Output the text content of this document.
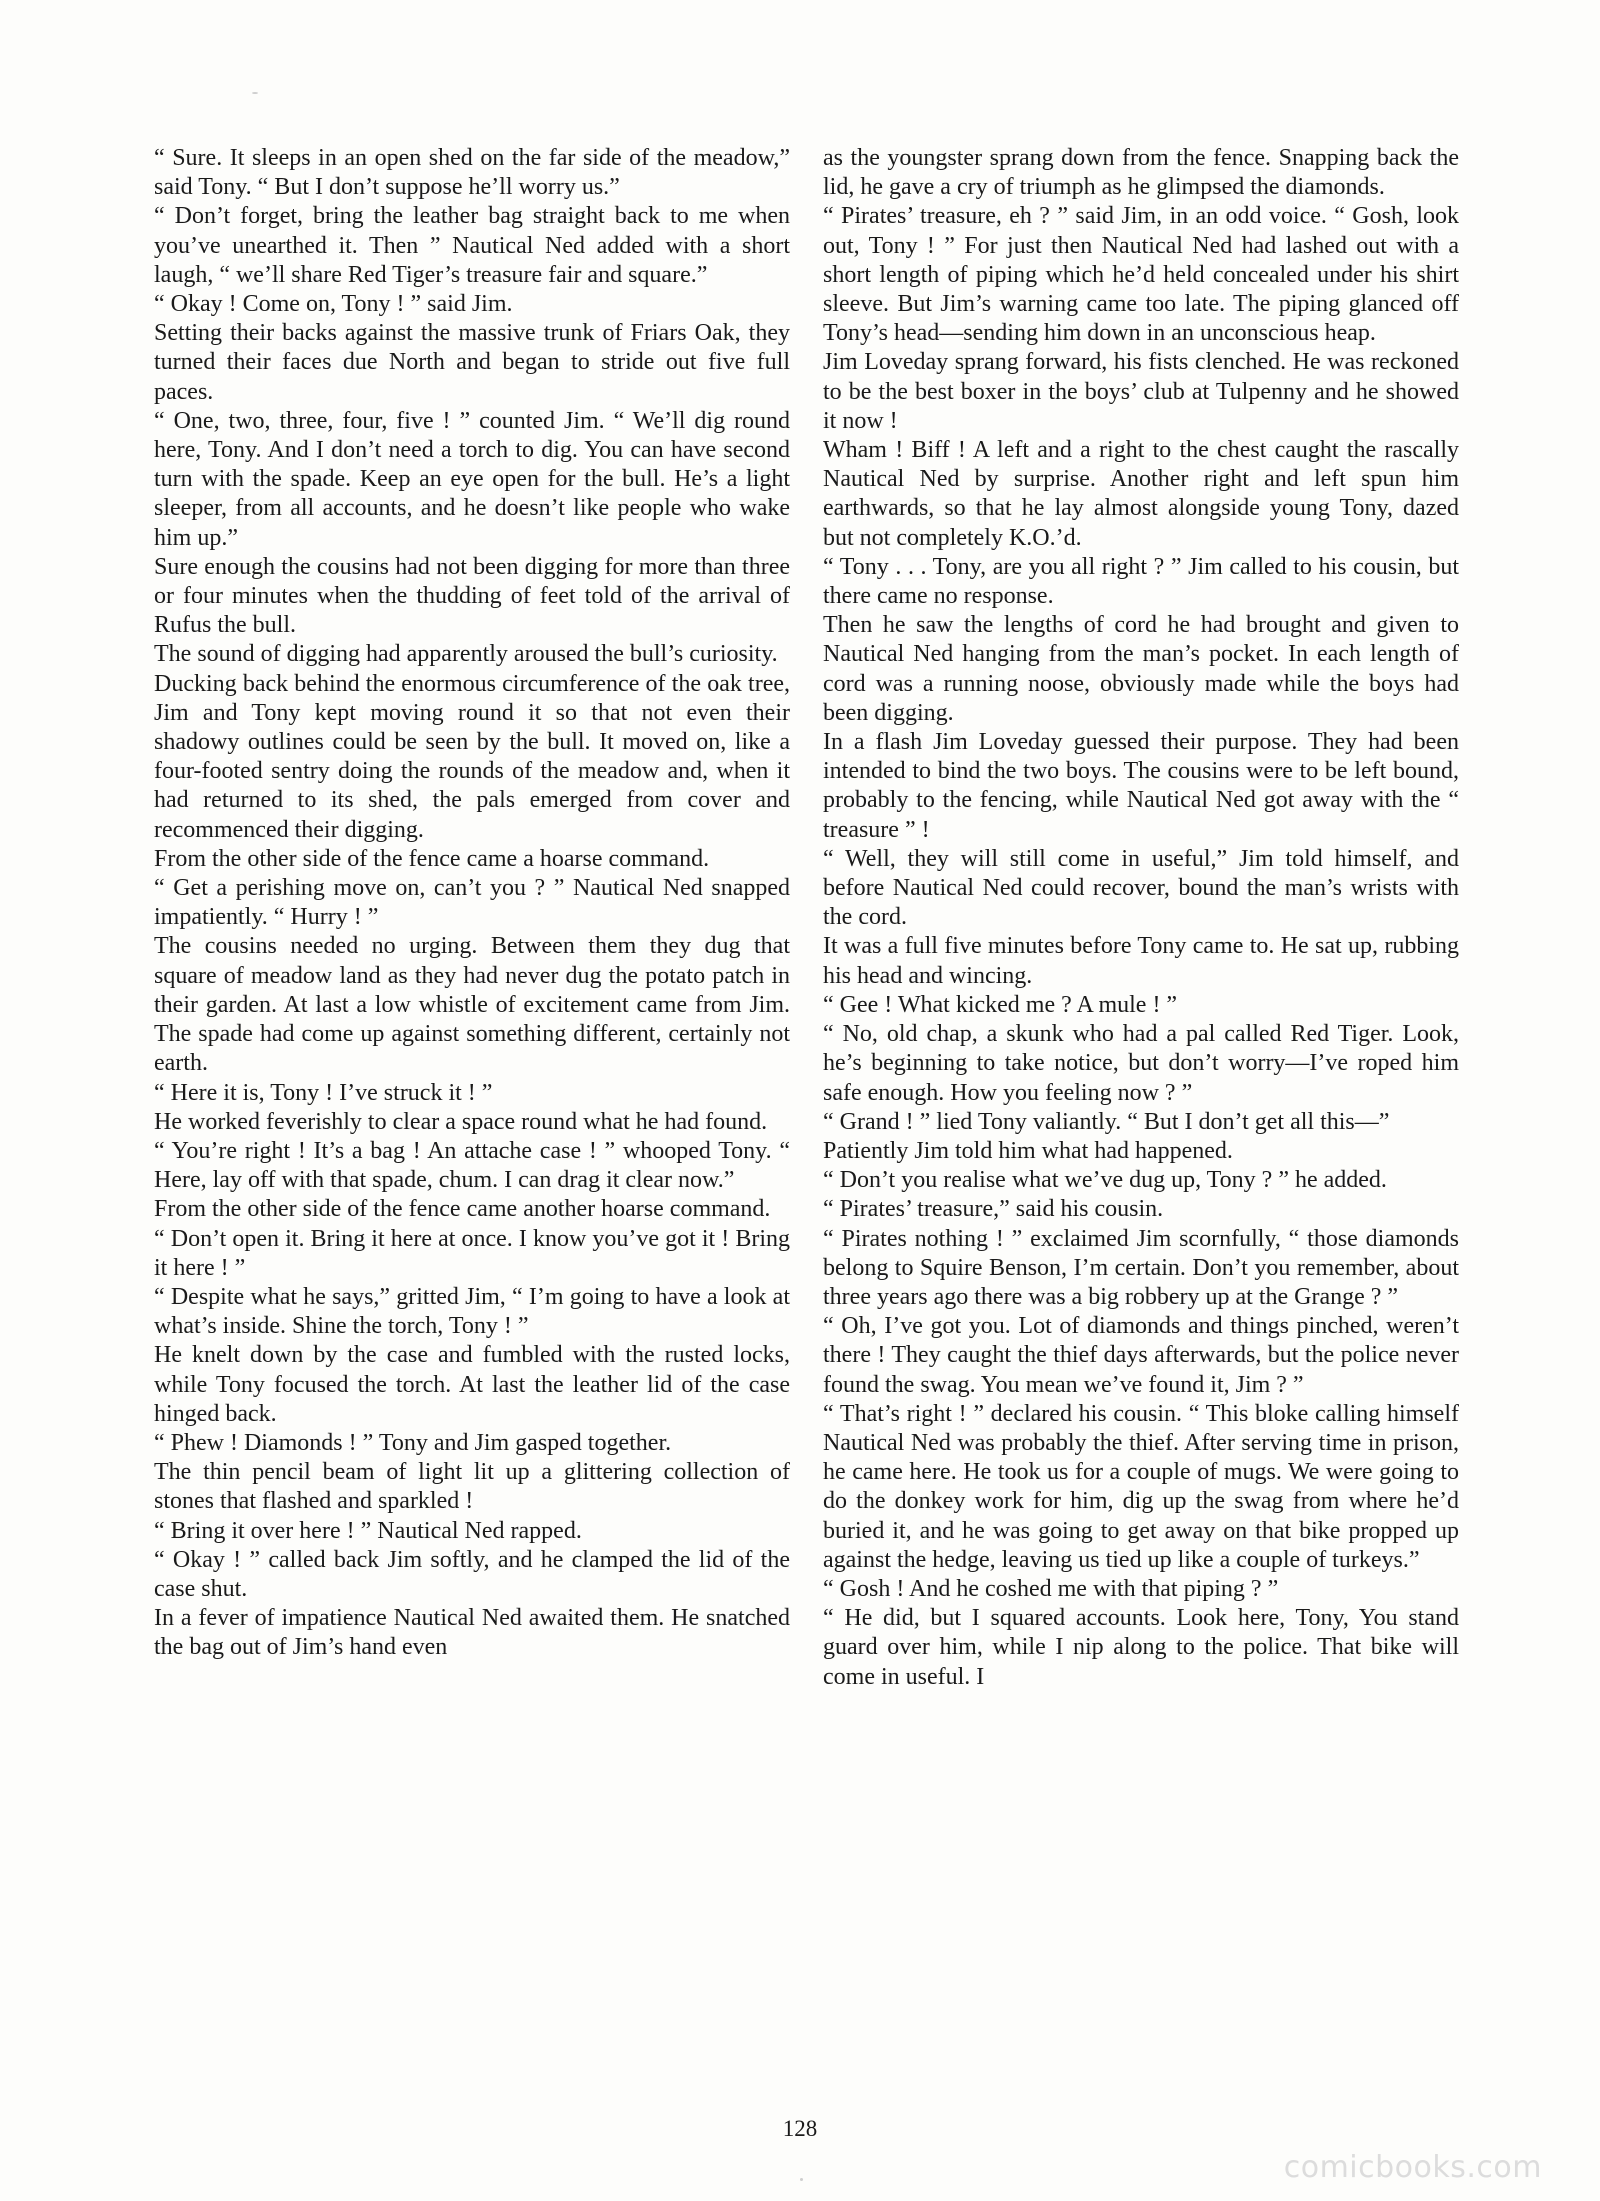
“ Sure. It sleeps in an open shed on the far side of the meadow,” said Tony. “ But I don’t suppose he’ll worry us.”

“ Don’t forget, bring the leather bag straight back to me when you’ve unearthed it. Then ” Nautical Ned added with a short laugh, “ we’ll share Red Tiger’s treasure fair and square.”

“ Okay ! Come on, Tony ! ” said Jim.

Setting their backs against the massive trunk of Friars Oak, they turned their faces due North and began to stride out five full paces.

“ One, two, three, four, five ! ” counted Jim. “ We’ll dig round here, Tony. And I don’t need a torch to dig. You can have second turn with the spade. Keep an eye open for the bull. He’s a light sleeper, from all accounts, and he doesn’t like people who wake him up.”

Sure enough the cousins had not been digging for more than three or four minutes when the thudding of feet told of the arrival of Rufus the bull.

The sound of digging had apparently aroused the bull’s curiosity.

Ducking back behind the enormous circumference of the oak tree, Jim and Tony kept moving round it so that not even their shadowy outlines could be seen by the bull. It moved on, like a four-footed sentry doing the rounds of the meadow and, when it had returned to its shed, the pals emerged from cover and recommenced their digging.

From the other side of the fence came a hoarse command.

“ Get a perishing move on, can’t you ? ” Nautical Ned snapped impatiently. “ Hurry ! ”

The cousins needed no urging. Between them they dug that square of meadow land as they had never dug the potato patch in their garden. At last a low whistle of excitement came from Jim. The spade had come up against something different, certainly not earth.

“ Here it is, Tony ! I’ve struck it ! ”

He worked feverishly to clear a space round what he had found.

“ You’re right ! It’s a bag ! An attache case ! ” whooped Tony. “ Here, lay off with that spade, chum. I can drag it clear now.”

From the other side of the fence came another hoarse command.

“ Don’t open it. Bring it here at once. I know you’ve got it ! Bring it here ! ”

“ Despite what he says,” gritted Jim, “ I’m going to have a look at what’s inside. Shine the torch, Tony ! ”

He knelt down by the case and fumbled with the rusted locks, while Tony focused the torch. At last the leather lid of the case hinged back.

“ Phew ! Diamonds ! ” Tony and Jim gasped together.

The thin pencil beam of light lit up a glittering collection of stones that flashed and sparkled !

“ Bring it over here ! ” Nautical Ned rapped.

“ Okay ! ” called back Jim softly, and he clamped the lid of the case shut.

In a fever of impatience Nautical Ned awaited them. He snatched the bag out of Jim’s hand even

as the youngster sprang down from the fence. Snapping back the lid, he gave a cry of triumph as he glimpsed the diamonds.

“ Pirates’ treasure, eh ? ” said Jim, in an odd voice. “ Gosh, look out, Tony ! ” For just then Nautical Ned had lashed out with a short length of piping which he’d held concealed under his shirt sleeve. But Jim’s warning came too late. The piping glanced off Tony’s head—sending him down in an unconscious heap.

Jim Loveday sprang forward, his fists clenched. He was reckoned to be the best boxer in the boys’ club at Tulpenny and he showed it now !

Wham ! Biff ! A left and a right to the chest caught the rascally Nautical Ned by surprise. Another right and left spun him earthwards, so that he lay almost alongside young Tony, dazed but not completely K.O.’d.

“ Tony . . . Tony, are you all right ? ” Jim called to his cousin, but there came no response.

Then he saw the lengths of cord he had brought and given to Nautical Ned hanging from the man’s pocket. In each length of cord was a running noose, obviously made while the boys had been digging.

In a flash Jim Loveday guessed their purpose. They had been intended to bind the two boys. The cousins were to be left bound, probably to the fencing, while Nautical Ned got away with the “ treasure ” !

“ Well, they will still come in useful,” Jim told himself, and before Nautical Ned could recover, bound the man’s wrists with the cord.

It was a full five minutes before Tony came to. He sat up, rubbing his head and wincing.

“ Gee ! What kicked me ? A mule ! ”

“ No, old chap, a skunk who had a pal called Red Tiger. Look, he’s beginning to take notice, but don’t worry—I’ve roped him safe enough. How you feeling now ? ”

“ Grand ! ” lied Tony valiantly. “ But I don’t get all this—”

Patiently Jim told him what had happened.

“ Don’t you realise what we’ve dug up, Tony ? ” he added.

“ Pirates’ treasure,” said his cousin.

“ Pirates nothing ! ” exclaimed Jim scornfully, “ those diamonds belong to Squire Benson, I’m certain. Don’t you remember, about three years ago there was a big robbery up at the Grange ? ”

“ Oh, I’ve got you. Lot of diamonds and things pinched, weren’t there ! They caught the thief days afterwards, but the police never found the swag. You mean we’ve found it, Jim ? ”

“ That’s right ! ” declared his cousin. “ This bloke calling himself Nautical Ned was probably the thief. After serving time in prison, he came here. He took us for a couple of mugs. We were going to do the donkey work for him, dig up the swag from where he’d buried it, and he was going to get away on that bike propped up against the hedge, leaving us tied up like a couple of turkeys.”

“ Gosh ! And he coshed me with that piping ? ”

“ He did, but I squared accounts. Look here, Tony, You stand guard over him, while I nip along to the police. That bike will come in useful. I

128
comicbooks.com
